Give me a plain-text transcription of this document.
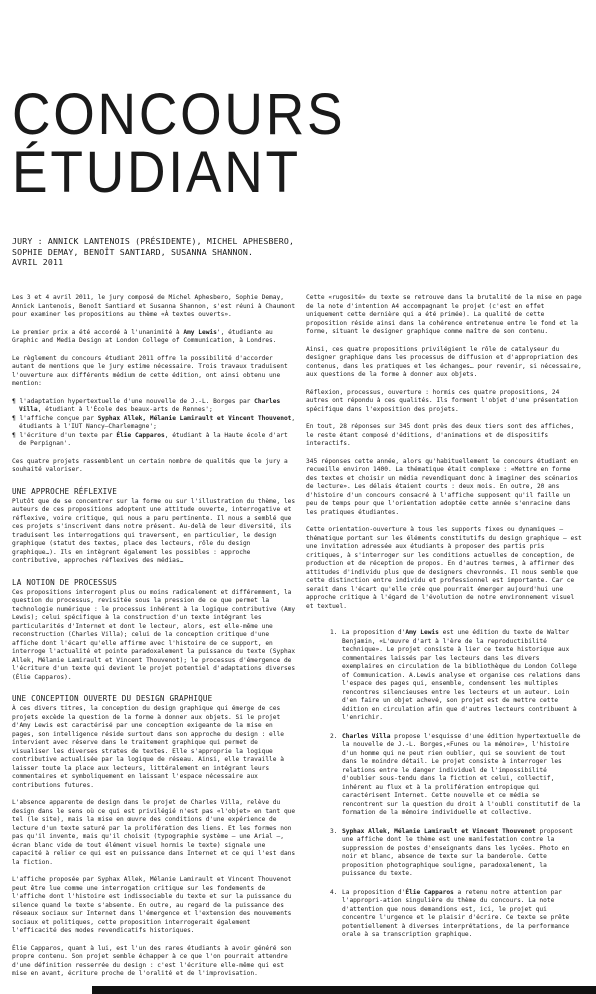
CONCOURS
ÉTUDIANT
JURY : ANNICK LANTENOIS (PRÉSIDENTE), MICHEL APHESBERO,
SOPHIE DEMAY, BENOÎT SANTIARD, SUSANNA SHANNON.
AVRIL 2011

Les 3 et 4 avril 2011, le jury composé de Michel Aphesbero, Sophie Demay, Annick Lantenois, Benoît Santiard et Susanna Shannon, s'est réuni à Chaumont pour examiner les propositions au thème «À textes ouverts».

Le premier prix a été accordé à l'unanimité à Amy Lewis', étudiante au Graphic and Media Design at London College of Communication, à Londres.

Le règlement du concours étudiant 2011 offre la possibilité d'accorder autant de mentions que le jury estime nécessaire. Trois travaux traduisent l'ouverture aux différents médium de cette édition, ont ainsi obtenu une mention:

¶ l'adaptation hypertextuelle d'une nouvelle de J.-L. Borges par Charles Villa, étudiant à l'École des beaux-arts de Rennes';
¶ l'affiche conçue par Syphax Allek, Mélanie Lamirault et Vincent Thouvenot, étudiants à l'IUT Nancy–Charlemagne';
¶ l'écriture d'un texte par Élie Capparos, étudiant à la Haute école d'art de Perpignan'.

Ces quatre projets rassemblent un certain nombre de qualités que le jury a souhaité valoriser.

UNE APPROCHE RÉFLEXIVE

Plutôt que de se concentrer sur la forme ou sur l'illustration du thème, les auteurs de ces propositions adoptent une attitude ouverte, interrogative et réflexive, voire critique, qui nous a paru pertinente. Il nous a semblé que ces projets s'inscrivent dans notre présent. Au-delà de leur diversité, ils traduisent les interrogations qui traversent, en particulier, le design graphique (statut des textes, place des lecteurs, rôle du design graphique…). Ils en intègrent également les possibles : approche contributive, approches réflexives des médias…

LA NOTION DE PROCESSUS

Ces propositions interrogent plus ou moins radicalement et différemment, la question du processus, revisitée sous la pression de ce que permet la technologie numérique : le processus inhérent à la logique contributive (Amy Lewis); celui spécifique à la construction d'un texte intégrant les particularités d'Internet et dont le lecteur, alors, est elle-même une reconstruction (Charles Villa); celui de la conception critique d'une affiche dont l'écart qu'elle affirme avec l'histoire de ce support, en interroge l'actualité et pointe paradoxalement la puissance du texte (Syphax Allek, Mélanie Lamirault et Vincent Thouvenot); le processus d'émergence de l'écriture d'un texte qui devient le projet potentiel d'adaptations diverses (Élie Capparos).

UNE CONCEPTION OUVERTE DU DESIGN GRAPHIQUE

À ces divers titres, la conception du design graphique qui émerge de ces projets excède la question de la forme à donner aux objets. Si le projet d'Amy Lewis est caractérisé par une conception exigeante de la mise en pages, son intelligence réside surtout dans son approche du design : elle intervient avec réserve dans le traitement graphique qui permet de visualiser les diverses strates de textes. Elle s'approprie la logique contributive actualisée par la logique de réseau. Ainsi, elle travaille à laisser toute la place aux lecteurs, littéralement en intégrant leurs commentaires et symboliquement en laissant l'espace nécessaire aux contributions futures.

L'absence apparente de design dans le projet de Charles Villa, relève du design dans le sens où ce qui est privilégié n'est pas «l'objet» en tant que tel (le site), mais la mise en œuvre des conditions d'une expérience de lecture d'un texte saturé par la prolifération des liens. Et les formes non pas qu'il invente, mais qu'il choisit (typographie système — une Arial —, écran blanc vide de tout élément visuel hormis le texte) signale une capacité à relier ce qui est en puissance dans Internet et ce qui l'est dans la fiction.

L'affiche proposée par Syphax Allek, Mélanie Lamirault et Vincent Thouvenot peut être lue comme une interrogation critique sur les fondements de l'affiche dont l'histoire est indissociable du texte et sur la puissance du silence quand le texte s'absente. En outre, au regard de la puissance des réseaux sociaux sur Internet dans l'émergence et l'extension des mouvements sociaux et politiques, cette proposition interrogerait également l'efficacité des modes revendicatifs historiques.

Élie Capparos, quant à lui, est l'un des rares étudiants à avoir généré son propre contenu. Son projet semble échapper à ce que l'on pourrait attendre d'une définition resserrée du design : c'est l'écriture elle-même qui est mise en avant, écriture proche de l'oralité et de l'improvisation.

Cette «rugosité» du texte se retrouve dans la brutalité de la mise en page de la note d'intention A4 accompagnant le projet (c'est en effet uniquement cette dernière qui a été primée). La qualité de cette proposition réside ainsi dans la cohérence entretenue entre le fond et la forme, situant le designer graphique comme maître de son contenu.

Ainsi, ces quatre propositions privilégient le rôle de catalyseur du designer graphique dans les processus de diffusion et d'appropriation des contenus, dans les pratiques et les échanges… pour revenir, si nécessaire, aux questions de la forme à donner aux objets.

Réflexion, processus, ouverture : hormis ces quatre propositions, 24 autres ont répondu à ces qualités. Ils forment l'objet d'une présentation spécifique dans l'exposition des projets.

En tout, 28 réponses sur 345 dont près des deux tiers sont des affiches, le reste étant composé d'éditions, d'animations et de dispositifs interactifs.

345 réponses cette année, alors qu'habituellement le concours étudiant en recueille environ 1400. La thématique était complexe : «Mettre en forme des textes et choisir un média revendiquant donc à imaginer des scénarios de lecture». Les délais étaient courts : deux mois. En outre, 20 ans d'histoire d'un concours consacré à l'affiche supposent qu'il faille un peu de temps pour que l'orientation adoptée cette année s'enracine dans les pratiques étudiantes.

Cette orientation-ouverture à tous les supports fixes ou dynamiques — thématique portant sur les éléments constitutifs du design graphique — est une invitation adressée aux étudiants à proposer des partis pris critiques, à s'interroger sur les conditions actuelles de conception, de production et de réception de propos. En d'autres termes, à affirmer des attitudes d'individu plus que de designers chevronnés. Il nous semble que cette distinction entre individu et professionnel est importante. Car ce serait dans l'écart qu'elle crée que pourrait émerger aujourd'hui une approche critique à l'égard de l'évolution de notre environnement visuel et textuel.

1. La proposition d'Amy Lewis est une édition du texte de Walter Benjamin, «L'œuvre d'art à l'ère de la reproductibilité technique». Le projet consiste à lier ce texte historique aux commentaires laissés par les lecteurs dans les divers exemplaires en circulation de la bibliothèque du London College of Communication. A.Lewis analyse et organise ces relations dans l'espace des pages qui, ensemble, condensent les multiples rencontres silencieuses entre les lecteurs et un auteur. Loin d'en faire un objet achevé, son projet est de mettre cette édition en circulation afin que d'autres lecteurs contribuent à l'enrichir.
2. Charles Villa propose l'esquisse d'une édition hypertextuelle de la nouvelle de J.-L. Borges,«Funes ou la mémoire», l'histoire d'un homme qui ne peut rien oublier, qui se souvient de tout dans le moindre détail. Le projet consiste à interroger les relations entre le danger individuel de l'impossibilité d'oublier sous-tendu dans la fiction et celui, collectif, inhérent au flux et à la prolifération entropique qui caractérisent Internet. Cette nouvelle et ce média se rencontrent sur la question du droit à l'oubli constitutif de la formation de la mémoire individuelle et collective.
3. Syphax Allek, Mélanie Lamirault et Vincent Thouvenot proposent une affiche dont le thème est une manifestation contre la suppression de postes d'enseignants dans les lycées. Photo en noir et blanc, absence de texte sur la banderole. Cette proposition photographique souligne, paradoxalement, la puissance du texte.
4. La proposition d'Élie Capparos a retenu notre attention par l'appropri-ation singulière du thème du concours. La note d'attention que nous demandions est, ici, le projet qui concentre l'urgence et le plaisir d'écrire. Ce texte se prête potentiellement à diverses interprétations, de la performance orale à sa transcription graphique.
